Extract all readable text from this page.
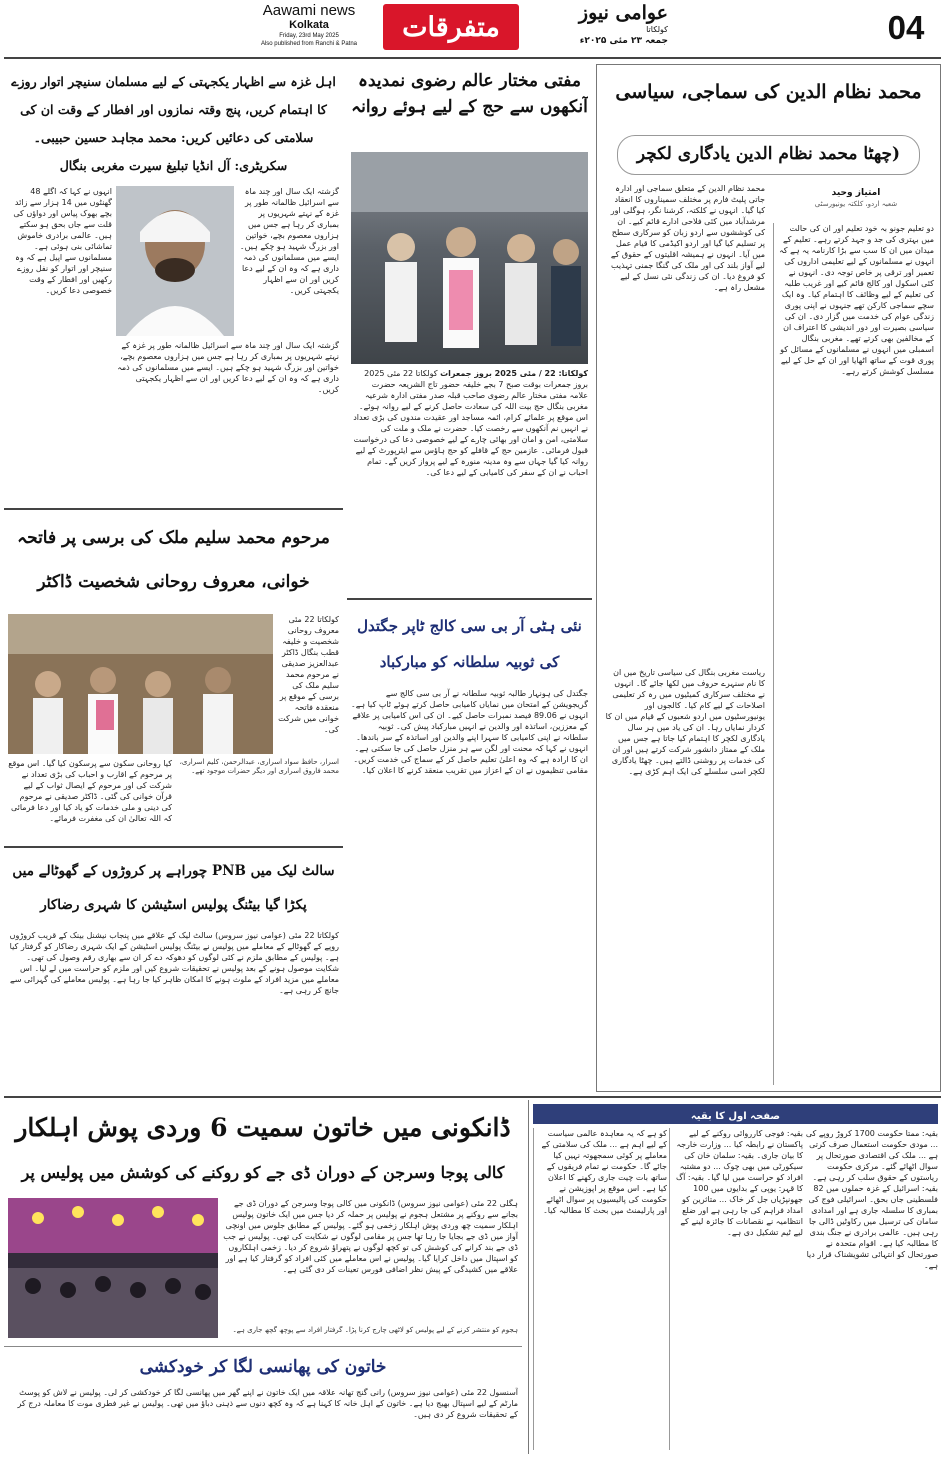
Aawami news
Kolkata
Friday, 23rd May 2025
Also published from Ranchi & Patna
متفرقات	عوامی نیوز
کولکاتا
جمعہ ۲۳ مئی ۲۰۲۵ء	04
محمد نظام الدین کی سماجی، سیاسی
(چھٹا محمد نظام الدین یادگاری لکچر
امتیاز وحید
شعبہ اردو، کلکتہ یونیورسٹی
دو تعلیم جونو بہ خود تعلیم اور ان کی حالت میں بہتری کی جد و جہد کرتے رہے۔ تعلیم کے میدان میں ان کا سب سے بڑا کارنامہ یہ ہے کہ انہوں نے مسلمانوں کے لیے تعلیمی اداروں کی تعمیر اور ترقی پر خاص توجہ دی۔ انہوں نے کئی اسکول اور کالج قائم کیے اور غریب طلبہ کی تعلیم کے لیے وظائف کا اہتمام کیا۔ وہ ایک سچے سماجی کارکن تھے جنہوں نے اپنی پوری زندگی عوام کی خدمت میں گزار دی۔ ان کی سیاسی بصیرت اور دور اندیشی کا اعتراف ان کے مخالفین بھی کرتے تھے۔ مغربی بنگال اسمبلی میں انہوں نے مسلمانوں کے مسائل کو پوری قوت کے ساتھ اٹھایا اور ان کے حل کے لیے مسلسل کوشش کرتے رہے۔
محمد نظام الدین کے متعلق سماجی اور ادارہ جاتی پلیٹ فارم پر مختلف سمیناروں کا انعقاد کیا گیا۔ انہوں نے کلکتہ، کرشنا نگر، ہوگلی اور مرشدآباد میں کئی فلاحی ادارے قائم کیے۔ ان کی کوششوں سے اردو زبان کو سرکاری سطح پر تسلیم کیا گیا اور اردو اکیڈمی کا قیام عمل میں آیا۔ انہوں نے ہمیشہ اقلیتوں کے حقوق کے لیے آواز بلند کی اور ملک کی گنگا جمنی تہذیب کو فروغ دیا۔ ان کی زندگی نئی نسل کے لیے مشعل راہ ہے۔
ریاست مغربی بنگال کی سیاسی تاریخ میں ان کا نام سنہرے حروف میں لکھا جائے گا۔ انہوں نے مختلف سرکاری کمیٹیوں میں رہ کر تعلیمی اصلاحات کے لیے کام کیا۔ کالجوں اور یونیورسٹیوں میں اردو شعبوں کے قیام میں ان کا کردار نمایاں رہا۔ ان کی یاد میں ہر سال یادگاری لکچر کا اہتمام کیا جاتا ہے جس میں ملک کے ممتاز دانشور شرکت کرتے ہیں اور ان کی خدمات پر روشنی ڈالتے ہیں۔ چھٹا یادگاری لکچر اسی سلسلے کی ایک اہم کڑی ہے۔
مفتی مختار عالم رضوی نمدیدہ آنکھوں سے حج کے لیے ہوئے روانہ
کولکاتا: 22 / مئی 2025 بروز جمعرات کولکاتا 22 مئی 2025 بروز جمعرات بوقت صبح 7 بجے خلیفہ حضور تاج الشریعہ حضرت علامہ مفتی مختار عالم رضوی صاحب قبلہ صدر مفتی ادارہ شرعیہ مغربی بنگال حج بیت اللہ کی سعادت حاصل کرنے کے لیے روانہ ہوئے۔ اس موقع پر علمائے کرام، ائمہ مساجد اور عقیدت مندوں کی بڑی تعداد نے انہیں نم آنکھوں سے رخصت کیا۔ حضرت نے ملک و ملت کی سلامتی، امن و امان اور بھائی چارے کے لیے خصوصی دعا کی درخواست قبول فرمائی۔ عازمین حج کے قافلے کو حج ہاؤس سے ایئرپورٹ کے لیے روانہ کیا گیا جہاں سے وہ مدینہ منورہ کے لیے پرواز کریں گے۔ تمام احباب نے ان کے سفر کی کامیابی کے لیے دعا کی۔
اہل غزہ سے اظہار یکجہتی کے لیے مسلمان سنیچر اتوار روزے کا اہتمام کریں، پنج وقتہ نمازوں اور افطار کے وقت ان کی سلامتی کی دعائیں کریں: محمد مجاہد حسین حبیبی۔ سکریٹری: آل انڈیا تبلیغ سیرت مغربی بنگال
انہوں نے کہا کہ اگلے 48 گھنٹوں میں 14 ہزار سے زائد بچے بھوک پیاس اور دواؤں کی قلت سے جاں بحق ہو سکتے ہیں۔ عالمی برادری خاموش تماشائی بنی ہوئی ہے۔ مسلمانوں سے اپیل ہے کہ وہ سنیچر اور اتوار کو نفل روزے رکھیں اور افطار کے وقت خصوصی دعا کریں۔
گزشتہ ایک سال اور چند ماہ سے اسرائیل ظالمانہ طور پر غزہ کے نہتے شہریوں پر بمباری کر رہا ہے جس میں ہزاروں معصوم بچے، خواتین اور بزرگ شہید ہو چکے ہیں۔ ایسے میں مسلمانوں کی ذمہ داری ہے کہ وہ ان کے لیے دعا کریں اور ان سے اظہار یکجہتی کریں۔
گزشتہ ایک سال اور چند ماہ سے اسرائیل ظالمانہ طور پر غزہ کے نہتے شہریوں پر بمباری کر رہا ہے جس میں ہزاروں معصوم بچے، خواتین اور بزرگ شہید ہو چکے ہیں۔ ایسے میں مسلمانوں کی ذمہ داری ہے کہ وہ ان کے لیے دعا کریں اور ان سے اظہار یکجہتی کریں۔
مرحوم محمد سلیم ملک کی برسی پر فاتحہ خوانی، معروف روحانی شخصیت ڈاکٹر
کولکاتا 22 مئی معروف روحانی شخصیت و خلیفہ قطب بنگال ڈاکٹر عبدالعزیز صدیقی نے مرحوم محمد سلیم ملک کی برسی کے موقع پر منعقدہ فاتحہ خوانی میں شرکت کی۔
اسرار، حافظ سواد اسراری، عبدالرحمن، کلیم اسراری، محمد فاروق اسراری اور دیگر حضرات موجود تھے۔
کیا روحانی سکون سے پرسکون کیا گیا۔ اس موقع پر مرحوم کے اقارب و احباب کی بڑی تعداد نے شرکت کی اور مرحوم کے ایصال ثواب کے لیے قرآن خوانی کی گئی۔ ڈاکٹر صدیقی نے مرحوم کی دینی و ملی خدمات کو یاد کیا اور دعا فرمائی کہ اللہ تعالیٰ ان کی مغفرت فرمائے۔
نئی ہٹی آر بی سی کالج ٹاپر جگتدل کی ثوبیہ سلطانہ کو مبارکباد
جگتدل کی ہونہار طالبہ ثوبیہ سلطانہ نے آر بی سی کالج سے گریجویشن کے امتحان میں نمایاں کامیابی حاصل کرتے ہوئے ٹاپ کیا ہے۔ انہوں نے 89.06 فیصد نمبرات حاصل کیے۔ ان کی اس کامیابی پر علاقے کے معززین، اساتذہ اور والدین نے انہیں مبارکباد پیش کی۔ ثوبیہ سلطانہ نے اپنی کامیابی کا سہرا اپنے والدین اور اساتذہ کے سر باندھا۔ انہوں نے کہا کہ محنت اور لگن سے ہر منزل حاصل کی جا سکتی ہے۔ ان کا ارادہ ہے کہ وہ اعلیٰ تعلیم حاصل کر کے سماج کی خدمت کریں۔ مقامی تنظیموں نے ان کے اعزاز میں تقریب منعقد کرنے کا اعلان کیا۔
سالٹ لیک میں PNB چوراہے پر کروڑوں کے گھوٹالے میں پکڑا گیا بیٹنگ پولیس اسٹیشن کا شہری رضاکار
کولکاتا 22 مئی (عوامی نیوز سروس) سالٹ لیک کے علاقے میں پنجاب نیشنل بینک کے قریب کروڑوں روپے کے گھوٹالے کے معاملے میں پولیس نے بیٹنگ پولیس اسٹیشن کے ایک شہری رضاکار کو گرفتار کیا ہے۔ پولیس کے مطابق ملزم نے کئی لوگوں کو دھوکہ دے کر ان سے بھاری رقم وصول کی تھی۔ شکایت موصول ہونے کے بعد پولیس نے تحقیقات شروع کیں اور ملزم کو حراست میں لے لیا۔ اس معاملے میں مزید افراد کے ملوث ہونے کا امکان ظاہر کیا جا رہا ہے۔ پولیس معاملے کی گہرائی سے جانچ کر رہی ہے۔
ڈانکونی میں خاتون سمیت 6 وردی پوش اہلکار
کالی پوجا وسرجن کے دوران ڈی جے کو روکنے کی کوشش میں پولیس پر
ہگلی 22 مئی (عوامی نیوز سروس) ڈانکونی میں کالی پوجا وسرجن کے دوران ڈی جے بجانے سے روکنے پر مشتعل ہجوم نے پولیس پر حملہ کر دیا جس میں ایک خاتون پولیس اہلکار سمیت چھ وردی پوش اہلکار زخمی ہو گئے۔ پولیس کے مطابق جلوس میں اونچی آواز میں ڈی جے بجایا جا رہا تھا جس پر مقامی لوگوں نے شکایت کی تھی۔ پولیس نے جب ڈی جے بند کرانے کی کوشش کی تو کچھ لوگوں نے پتھراؤ شروع کر دیا۔ زخمی اہلکاروں کو اسپتال میں داخل کرایا گیا۔ پولیس نے اس معاملے میں کئی افراد کو گرفتار کیا ہے اور علاقے میں کشیدگی کے پیش نظر اضافی فورس تعینات کر دی گئی ہے۔
ہجوم کو منتشر کرنے کے لیے پولیس کو لاٹھی چارج کرنا پڑا۔ گرفتار افراد سے پوچھ گچھ جاری ہے۔
خاتون کی پھانسی لگا کر خودکشی
آسنسول 22 مئی (عوامی نیوز سروس) رانی گنج تھانہ علاقہ میں ایک خاتون نے اپنے گھر میں پھانسی لگا کر خودکشی کر لی۔ پولیس نے لاش کو پوسٹ مارٹم کے لیے اسپتال بھیج دیا ہے۔ خاتون کے اہل خانہ کا کہنا ہے کہ وہ کچھ دنوں سے ذہنی دباؤ میں تھی۔ پولیس نے غیر فطری موت کا معاملہ درج کر کے تحقیقات شروع کر دی ہیں۔
صفحہ اول کا بقیہ
بقیہ: ممتا حکومت 1700 کروڑ روپے کی ... مودی حکومت استعمال صرف کرتی ہے ... ملک کی اقتصادی صورتحال پر سوال اٹھائے گئے۔ مرکزی حکومت ریاستوں کے حقوق سلب کر رہی ہے۔ بقیہ: اسرائیل کے غزہ حملوں میں 82 فلسطینی جاں بحق۔ اسرائیلی فوج کی بمباری کا سلسلہ جاری ہے اور امدادی سامان کی ترسیل میں رکاوٹیں ڈالی جا رہی ہیں۔ عالمی برادری نے جنگ بندی کا مطالبہ کیا ہے۔ اقوام متحدہ نے صورتحال کو انتہائی تشویشناک قرار دیا ہے۔
بقیہ: فوجی کارروائی روکنے کے لیے پاکستان نے رابطہ کیا ... وزارت خارجہ کا بیان جاری۔ بقیہ: سلمان خان کی سیکورٹی میں بھی چوک ... دو مشتبہ افراد کو حراست میں لیا گیا۔ بقیہ: آگ کا قہر: یوپی کے بدایوں میں 100 جھونپڑیاں جل کر خاک ... متاثرین کو امداد فراہم کی جا رہی ہے اور ضلع انتظامیہ نے نقصانات کا جائزہ لینے کے لیے ٹیم تشکیل دی ہے۔
کو ہے کہ یہ معاہدہ عالمی سیاست کے لیے اہم ہے ... ملک کی سلامتی کے معاملے پر کوئی سمجھوتہ نہیں کیا جائے گا۔ حکومت نے تمام فریقوں کے ساتھ بات چیت جاری رکھنے کا اعلان کیا ہے۔ اس موقع پر اپوزیشن نے حکومت کی پالیسیوں پر سوال اٹھائے اور پارلیمنٹ میں بحث کا مطالبہ کیا۔
